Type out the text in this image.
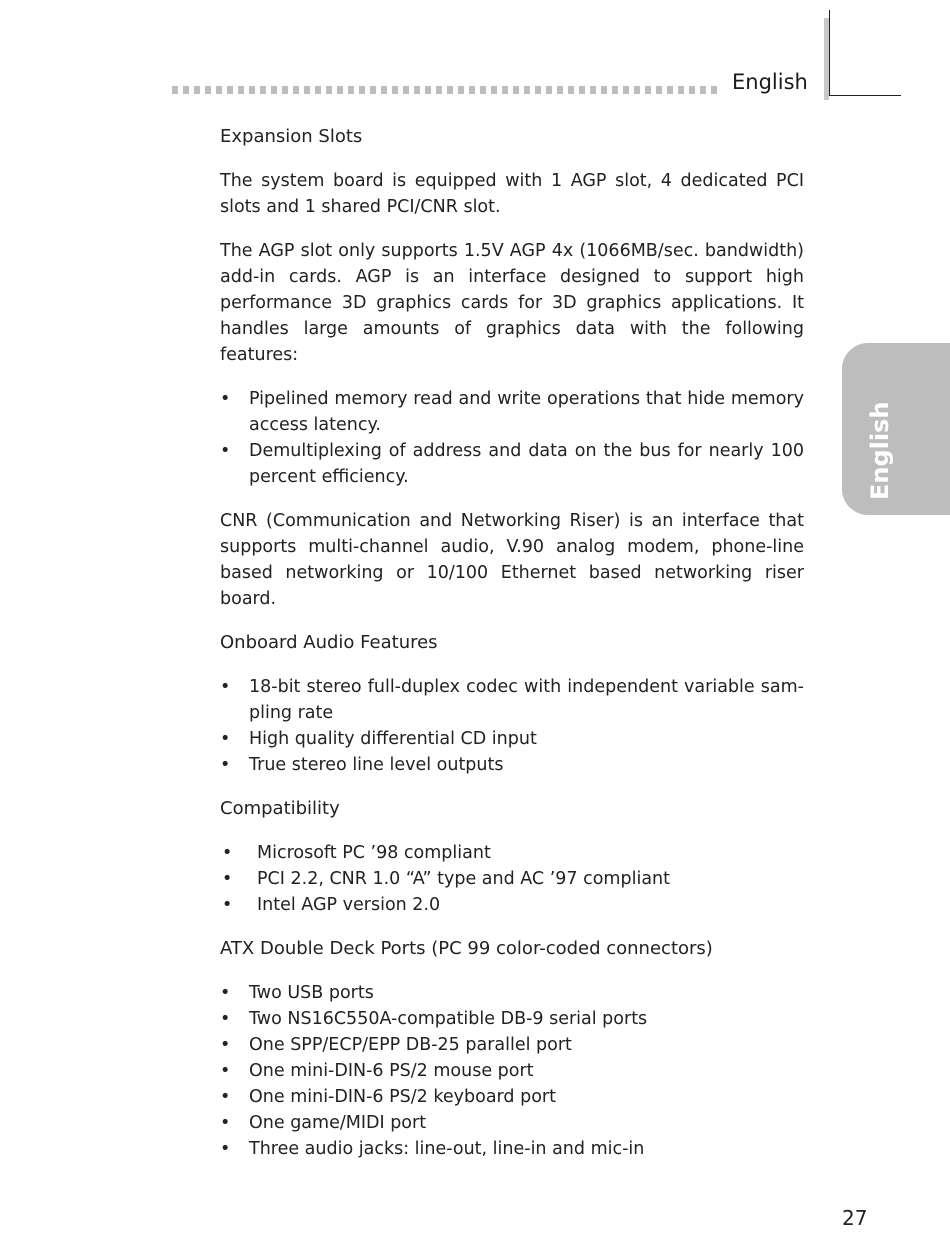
English
English
Expansion Slots
The system board is equipped with 1 AGP slot, 4 dedicated PCI slots and 1 shared PCI/CNR slot.
The AGP slot only supports 1.5V AGP 4x (1066MB/sec. bandwidth) add-in cards. AGP is an interface designed to support high performance 3D graphics cards for 3D graphics applications. It handles large amounts of graphics data with the following features:
• Pipelined memory read and write operations that hide memory access latency.
• Demultiplexing of address and data on the bus for nearly 100 percent efficiency.
CNR (Communication and Networking Riser) is an interface that supports multi-channel audio, V.90 analog modem, phone-line based networking or 10/100 Ethernet based networking riser board.
Onboard Audio Features
• 18-bit stereo full-duplex codec with independent variable sam-pling rate
• High quality differential CD input
• True stereo line level outputs
Compatibility
• Microsoft PC ’98 compliant
• PCI 2.2, CNR 1.0 “A” type and AC ’97 compliant
• Intel AGP version 2.0
ATX Double Deck Ports (PC 99 color-coded connectors)
• Two USB ports
• Two NS16C550A-compatible DB-9 serial ports
• One SPP/ECP/EPP DB-25 parallel port
• One mini-DIN-6 PS/2 mouse port
• One mini-DIN-6 PS/2 keyboard port
• One game/MIDI port
• Three audio jacks: line-out, line-in and mic-in
27
